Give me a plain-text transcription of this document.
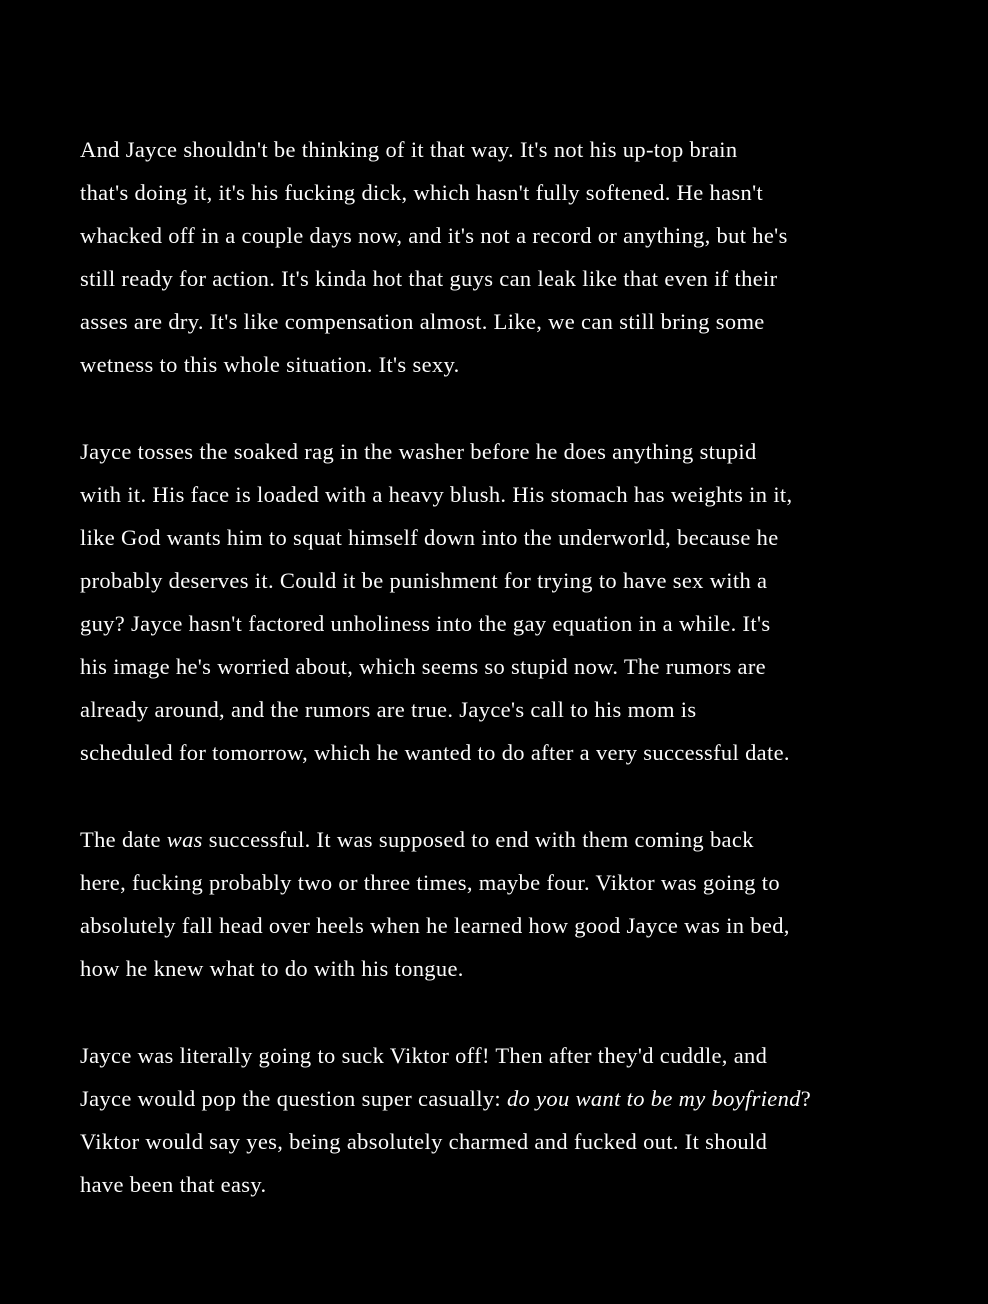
And Jayce shouldn't be thinking of it that way. It's not his up-top brain
that's doing it, it's his fucking dick, which hasn't fully softened. He hasn't
whacked off in a couple days now, and it's not a record or anything, but he's
still ready for action. It's kinda hot that guys can leak like that even if their
asses are dry. It's like compensation almost. Like, we can still bring some
wetness to this whole situation. It's sexy.

Jayce tosses the soaked rag in the washer before he does anything stupid
with it. His face is loaded with a heavy blush. His stomach has weights in it,
like God wants him to squat himself down into the underworld, because he
probably deserves it. Could it be punishment for trying to have sex with a
guy? Jayce hasn't factored unholiness into the gay equation in a while. It's
his image he's worried about, which seems so stupid now. The rumors are
already around, and the rumors are true. Jayce's call to his mom is
scheduled for tomorrow, which he wanted to do after a very successful date.

The date was successful. It was supposed to end with them coming back
here, fucking probably two or three times, maybe four. Viktor was going to
absolutely fall head over heels when he learned how good Jayce was in bed,
how he knew what to do with his tongue.

Jayce was literally going to suck Viktor off! Then after they'd cuddle, and
Jayce would pop the question super casually: do you want to be my boyfriend?
Viktor would say yes, being absolutely charmed and fucked out. It should
have been that easy.
